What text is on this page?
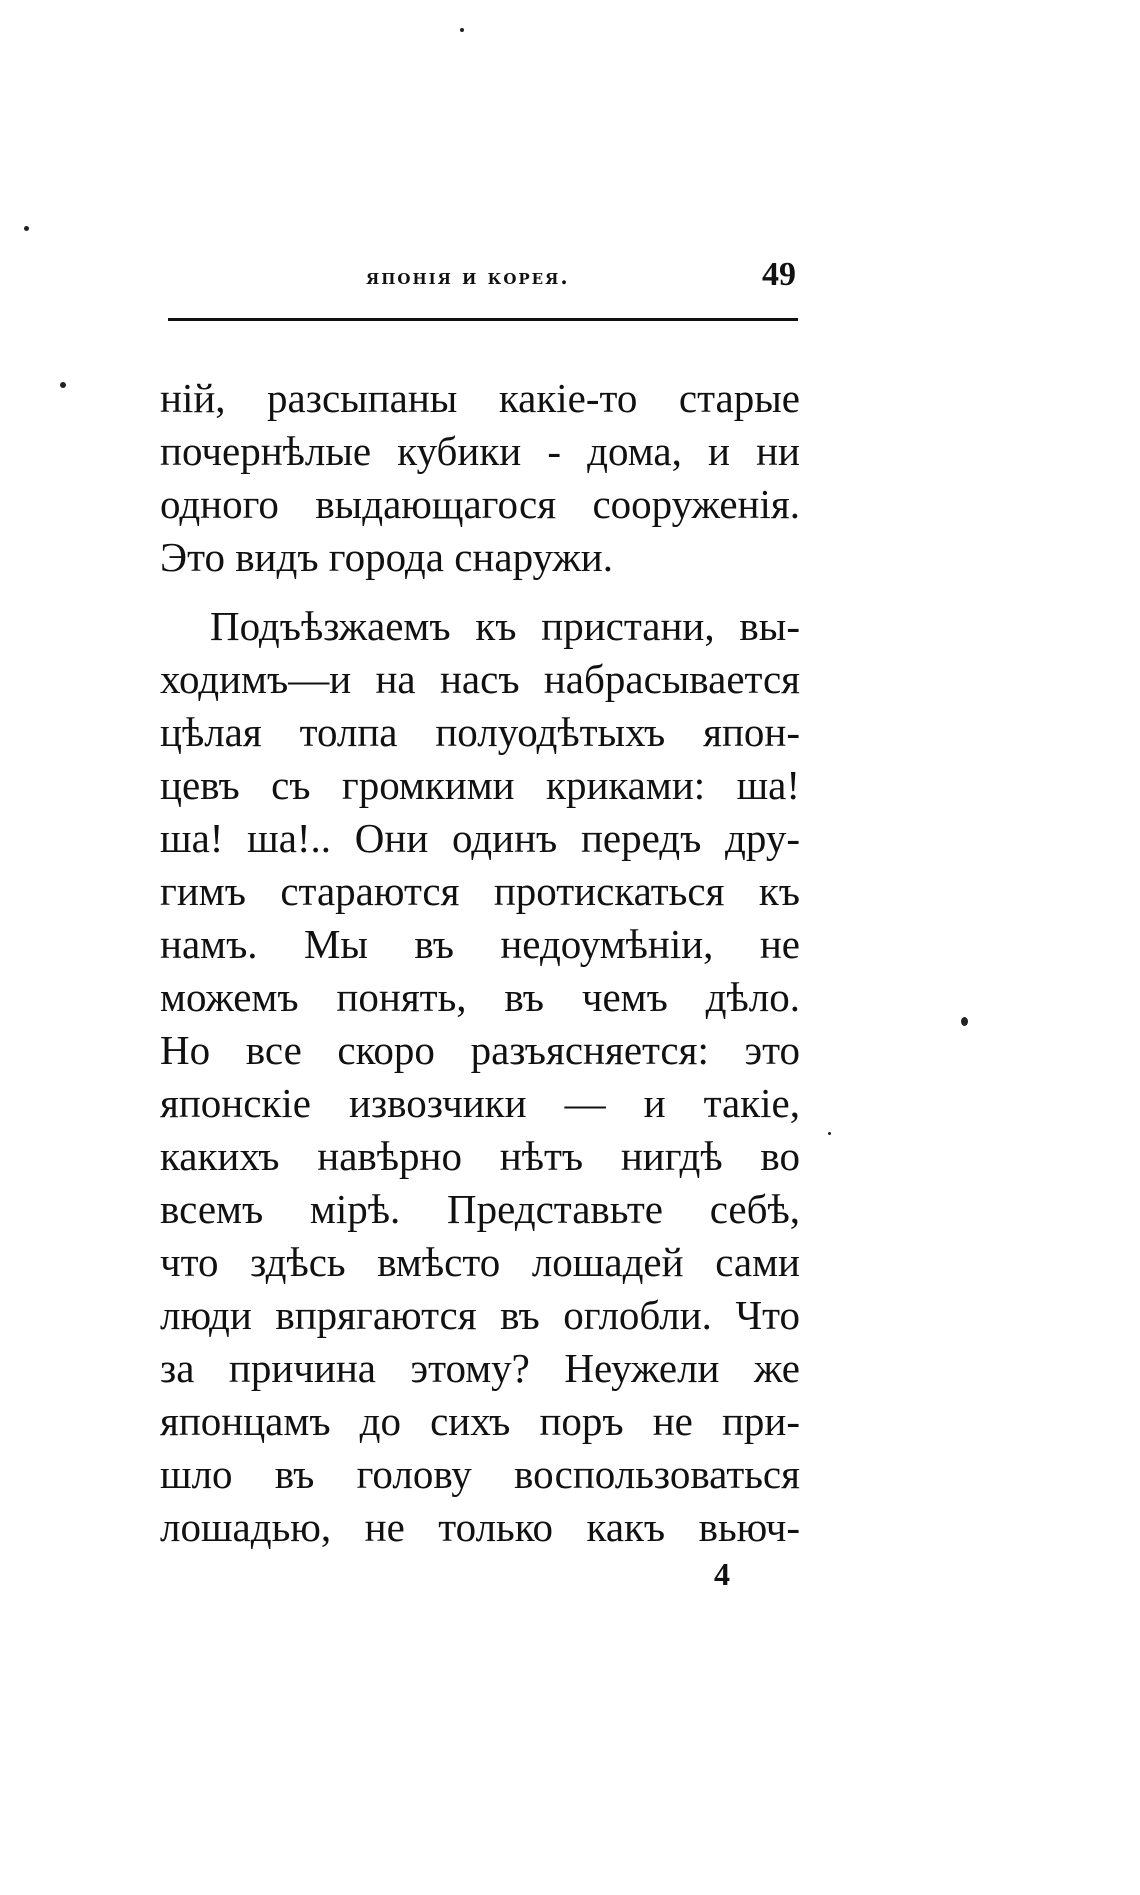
японія и корея.	49
ній, разсыпаны какіе-то старые
почернѣлые кубики - дома, и ни
одного выдающагося сооруженія.
Это видъ города снаружи.
Подъѣзжаемъ къ пристани, вы-
ходимъ—и на насъ набрасывается
цѣлая толпа полуодѣтыхъ япон-
цевъ съ громкими криками: ша!
ша! ша!.. Они одинъ передъ дру-
гимъ стараются протискаться къ
намъ. Мы въ недоумѣніи, не
можемъ понять, въ чемъ дѣло.
Но все скоро разъясняется: это
японскіе извозчики — и такіе,
какихъ навѣрно нѣтъ нигдѣ во
всемъ мірѣ. Представьте себѣ,
что здѣсь вмѣсто лошадей сами
люди впрягаются въ оглобли. Что
за причина этому? Неужели же
японцамъ до сихъ поръ не при-
шло въ голову воспользоваться
лошадью, не только какъ вьюч-
4
